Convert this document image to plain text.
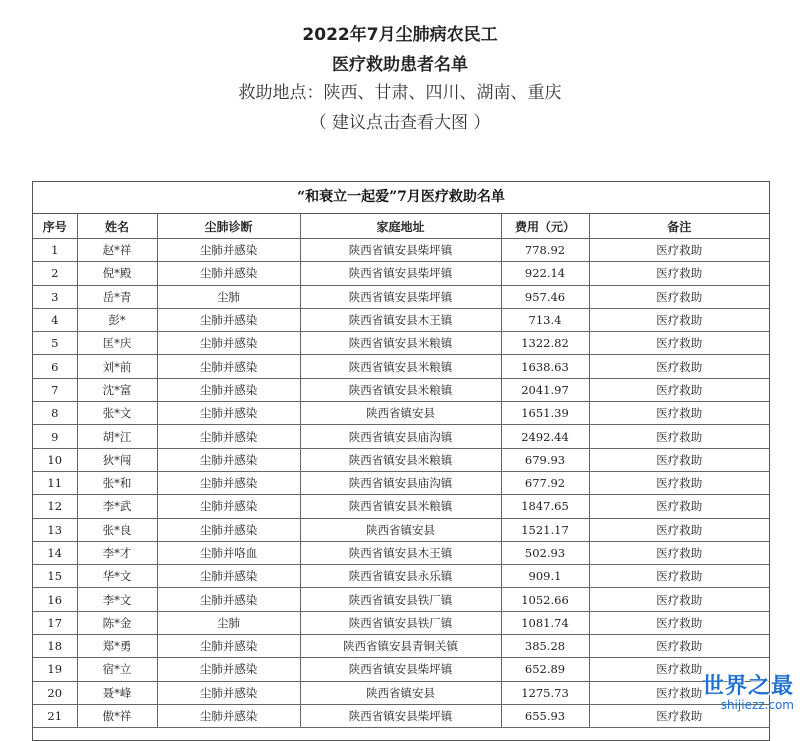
2022年7月尘肺病农民工
医疗救助患者名单
救助地点：陕西、甘肃、四川、湖南、重庆
（ 建议点击查看大图 ）
“和衰立一起爱”7月医疗救助名单
序号	姓名	尘肺诊断	家庭地址	费用（元）	备注
1	赵*祥	尘肺并感染	陕西省镇安县柴坪镇	778.92	医疗救助
2	倪*殿	尘肺并感染	陕西省镇安县柴坪镇	922.14	医疗救助
3	岳*青	尘肺	陕西省镇安县柴坪镇	957.46	医疗救助
4	彭*	尘肺并感染	陕西省镇安县木王镇	713.4	医疗救助
5	匡*庆	尘肺并感染	陕西省镇安县米粮镇	1322.82	医疗救助
6	刘*前	尘肺并感染	陕西省镇安县米粮镇	1638.63	医疗救助
7	沈*富	尘肺并感染	陕西省镇安县米粮镇	2041.97	医疗救助
8	张*文	尘肺并感染	陕西省镇安县	1651.39	医疗救助
9	胡*江	尘肺并感染	陕西省镇安县庙沟镇	2492.44	医疗救助
10	狄*闯	尘肺并感染	陕西省镇安县米粮镇	679.93	医疗救助
11	张*和	尘肺并感染	陕西省镇安县庙沟镇	677.92	医疗救助
12	李*武	尘肺并感染	陕西省镇安县米粮镇	1847.65	医疗救助
13	张*良	尘肺并感染	陕西省镇安县	1521.17	医疗救助
14	李*才	尘肺并咯血	陕西省镇安县木王镇	502.93	医疗救助
15	华*文	尘肺并感染	陕西省镇安县永乐镇	909.1	医疗救助
16	李*文	尘肺并感染	陕西省镇安县铁厂镇	1052.66	医疗救助
17	陈*金	尘肺	陕西省镇安县铁厂镇	1081.74	医疗救助
18	郑*勇	尘肺并感染	陕西省镇安县青铜关镇	385.28	医疗救助
19	宿*立	尘肺并感染	陕西省镇安县柴坪镇	652.89	医疗救助
20	聂*峰	尘肺并感染	陕西省镇安县	1275.73	医疗救助
21	傲*祥	尘肺并感染	陕西省镇安县柴坪镇	655.93	医疗救助
世界之最
shijiezz.com
